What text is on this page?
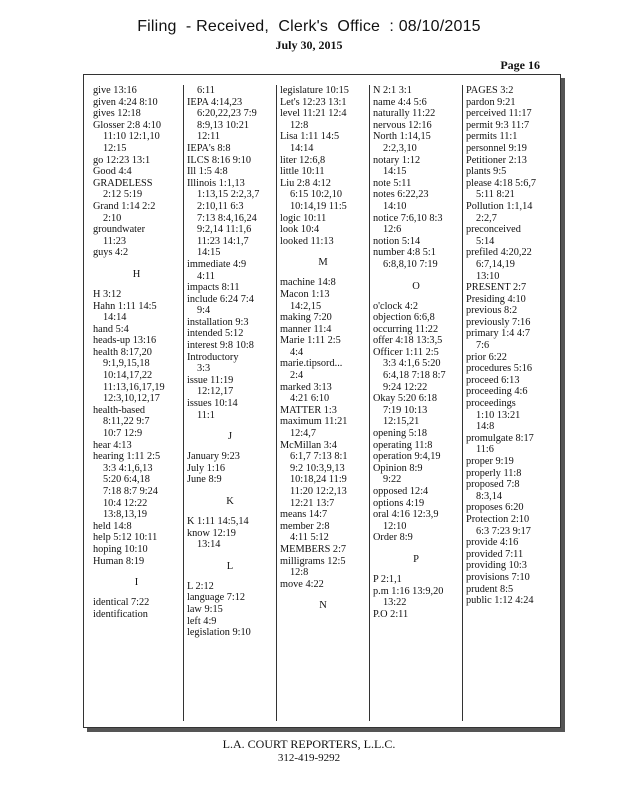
Filing  - Received,  Clerk's  Office  : 08/10/2015
July 30, 2015
Page 16
give 13:16
given 4:24 8:10
gives 12:18
Glosser 2:8 4:10
11:10 12:1,10
12:15
go 12:23 13:1
Good 4:4
GRADELESS
2:12 5:19
Grand 1:14 2:2
2:10
groundwater
11:23
guys 4:2
H
H 3:12
Hahn 1:11 14:5
14:14
hand 5:4
heads-up 13:16
health 8:17,20
9:1,9,15,18
10:14,17,22
11:13,16,17,19
12:3,10,12,17
health-based
8:11,22 9:7
10:7 12:9
hear 4:13
hearing 1:11 2:5
3:3 4:1,6,13
5:20 6:4,18
7:18 8:7 9:24
10:4 12:22
13:8,13,19
held 14:8
help 5:12 10:11
hoping 10:10
Human 8:19
I
identical 7:22
identification
6:11
IEPA 4:14,23
6:20,22,23 7:9
8:9,13 10:21
12:11
IEPA's 8:8
ILCS 8:16 9:10
Ill 1:5 4:8
Illinois 1:1,13
1:13,15 2:2,3,7
2:10,11 6:3
7:13 8:4,16,24
9:2,14 11:1,6
11:23 14:1,7
14:15
immediate 4:9
4:11
impacts 8:11
include 6:24 7:4
9:4
installation 9:3
intended 5:12
interest 9:8 10:8
Introductory
3:3
issue 11:19
12:12,17
issues 10:14
11:1
J
January 9:23
July 1:16
June 8:9
K
K 1:11 14:5,14
know 12:19
13:14
L
L 2:12
language 7:12
law 9:15
left 4:9
legislation 9:10
legislature 10:15
Let's 12:23 13:1
level 11:21 12:4
12:8
Lisa 1:11 14:5
14:14
liter 12:6,8
little 10:11
Liu 2:8 4:12
6:15 10:2,10
10:14,19 11:5
logic 10:11
look 10:4
looked 11:13
M
machine 14:8
Macon 1:13
14:2,15
making 7:20
manner 11:4
Marie 1:11 2:5
4:4
marie.tipsord...
2:4
marked 3:13
4:21 6:10
MATTER 1:3
maximum 11:21
12:4,7
McMillan 3:4
6:1,7 7:13 8:1
9:2 10:3,9,13
10:18,24 11:9
11:20 12:2,13
12:21 13:7
means 14:7
member 2:8
4:11 5:12
MEMBERS 2:7
milligrams 12:5
12:8
move 4:22
N
N 2:1 3:1
name 4:4 5:6
naturally 11:22
nervous 12:16
North 1:14,15
2:2,3,10
notary 1:12
14:15
note 5:11
notes 6:22,23
14:10
notice 7:6,10 8:3
12:6
notion 5:14
number 4:8 5:1
6:8,8,10 7:19
O
o'clock 4:2
objection 6:6,8
occurring 11:22
offer 4:18 13:3,5
Officer 1:11 2:5
3:3 4:1,6 5:20
6:4,18 7:18 8:7
9:24 12:22
Okay 5:20 6:18
7:19 10:13
12:15,21
opening 5:18
operating 11:8
operation 9:4,19
Opinion 8:9
9:22
opposed 12:4
options 4:19
oral 4:16 12:3,9
12:10
Order 8:9
P
P 2:1,1
p.m 1:16 13:9,20
13:22
P.O 2:11
PAGES 3:2
pardon 9:21
perceived 11:17
permit 9:3 11:7
permits 11:1
personnel 9:19
Petitioner 2:13
plants 9:5
please 4:18 5:6,7
5:11 8:21
Pollution 1:1,14
2:2,7
preconceived
5:14
prefiled 4:20,22
6:7,14,19
13:10
PRESENT 2:7
Presiding 4:10
previous 8:2
previously 7:16
primary 1:4 4:7
7:6
prior 6:22
procedures 5:16
proceed 6:13
proceeding 4:6
proceedings
1:10 13:21
14:8
promulgate 8:17
11:6
proper 9:19
properly 11:8
proposed 7:8
8:3,14
proposes 6:20
Protection 2:10
6:3 7:23 9:17
provide 4:16
provided 7:11
providing 10:3
provisions 7:10
prudent 8:5
public 1:12 4:24
L.A. COURT REPORTERS, L.L.C.
312-419-9292
